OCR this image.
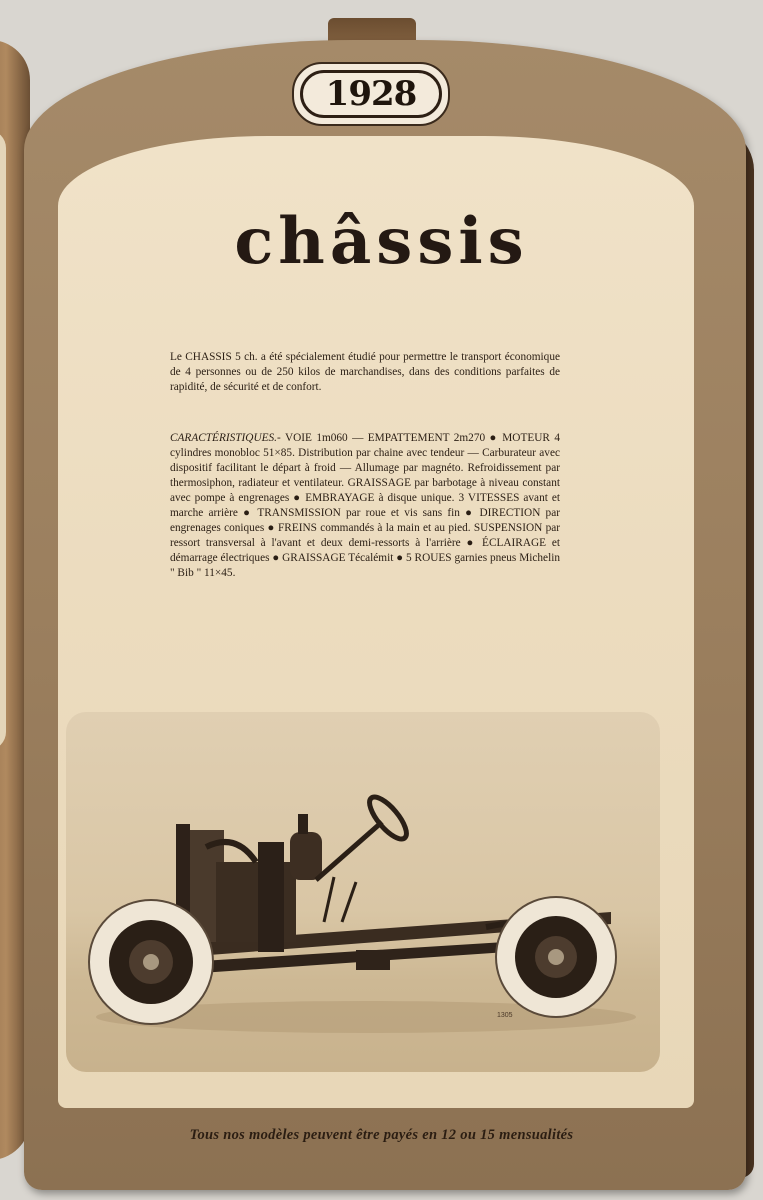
1928
châssis
Le CHASSIS 5 ch. a été spécialement étudié pour permettre le transport économique de 4 personnes ou de 250 kilos de marchandises, dans des conditions parfaites de rapidité, de sécurité et de confort.
CARACTÉRISTIQUES.- VOIE 1m060 — EMPATTEMENT 2m270 ● MOTEUR 4 cylindres monobloc 51×85. Distribution par chaine avec tendeur — Carburateur avec dispositif facilitant le départ à froid — Allumage par magnéto. Refroidissement par thermosiphon, radiateur et ventilateur. GRAISSAGE par barbotage à niveau constant avec pompe à engrenages ● EMBRAYAGE à disque unique. 3 VITESSES avant et marche arrière ● TRANSMISSION par roue et vis sans fin ● DIRECTION par engrenages coniques ● FREINS commandés à la main et au pied. SUSPENSION par ressort transversal à l'avant et deux demi-ressorts à l'arrière ● ÉCLAIRAGE et démarrage électriques ● GRAISSAGE Técalémit ● 5 ROUES garnies pneus Michelin " Bib " 11×45.
1305
Tous nos modèles peuvent être payés en 12 ou 15 mensualités
